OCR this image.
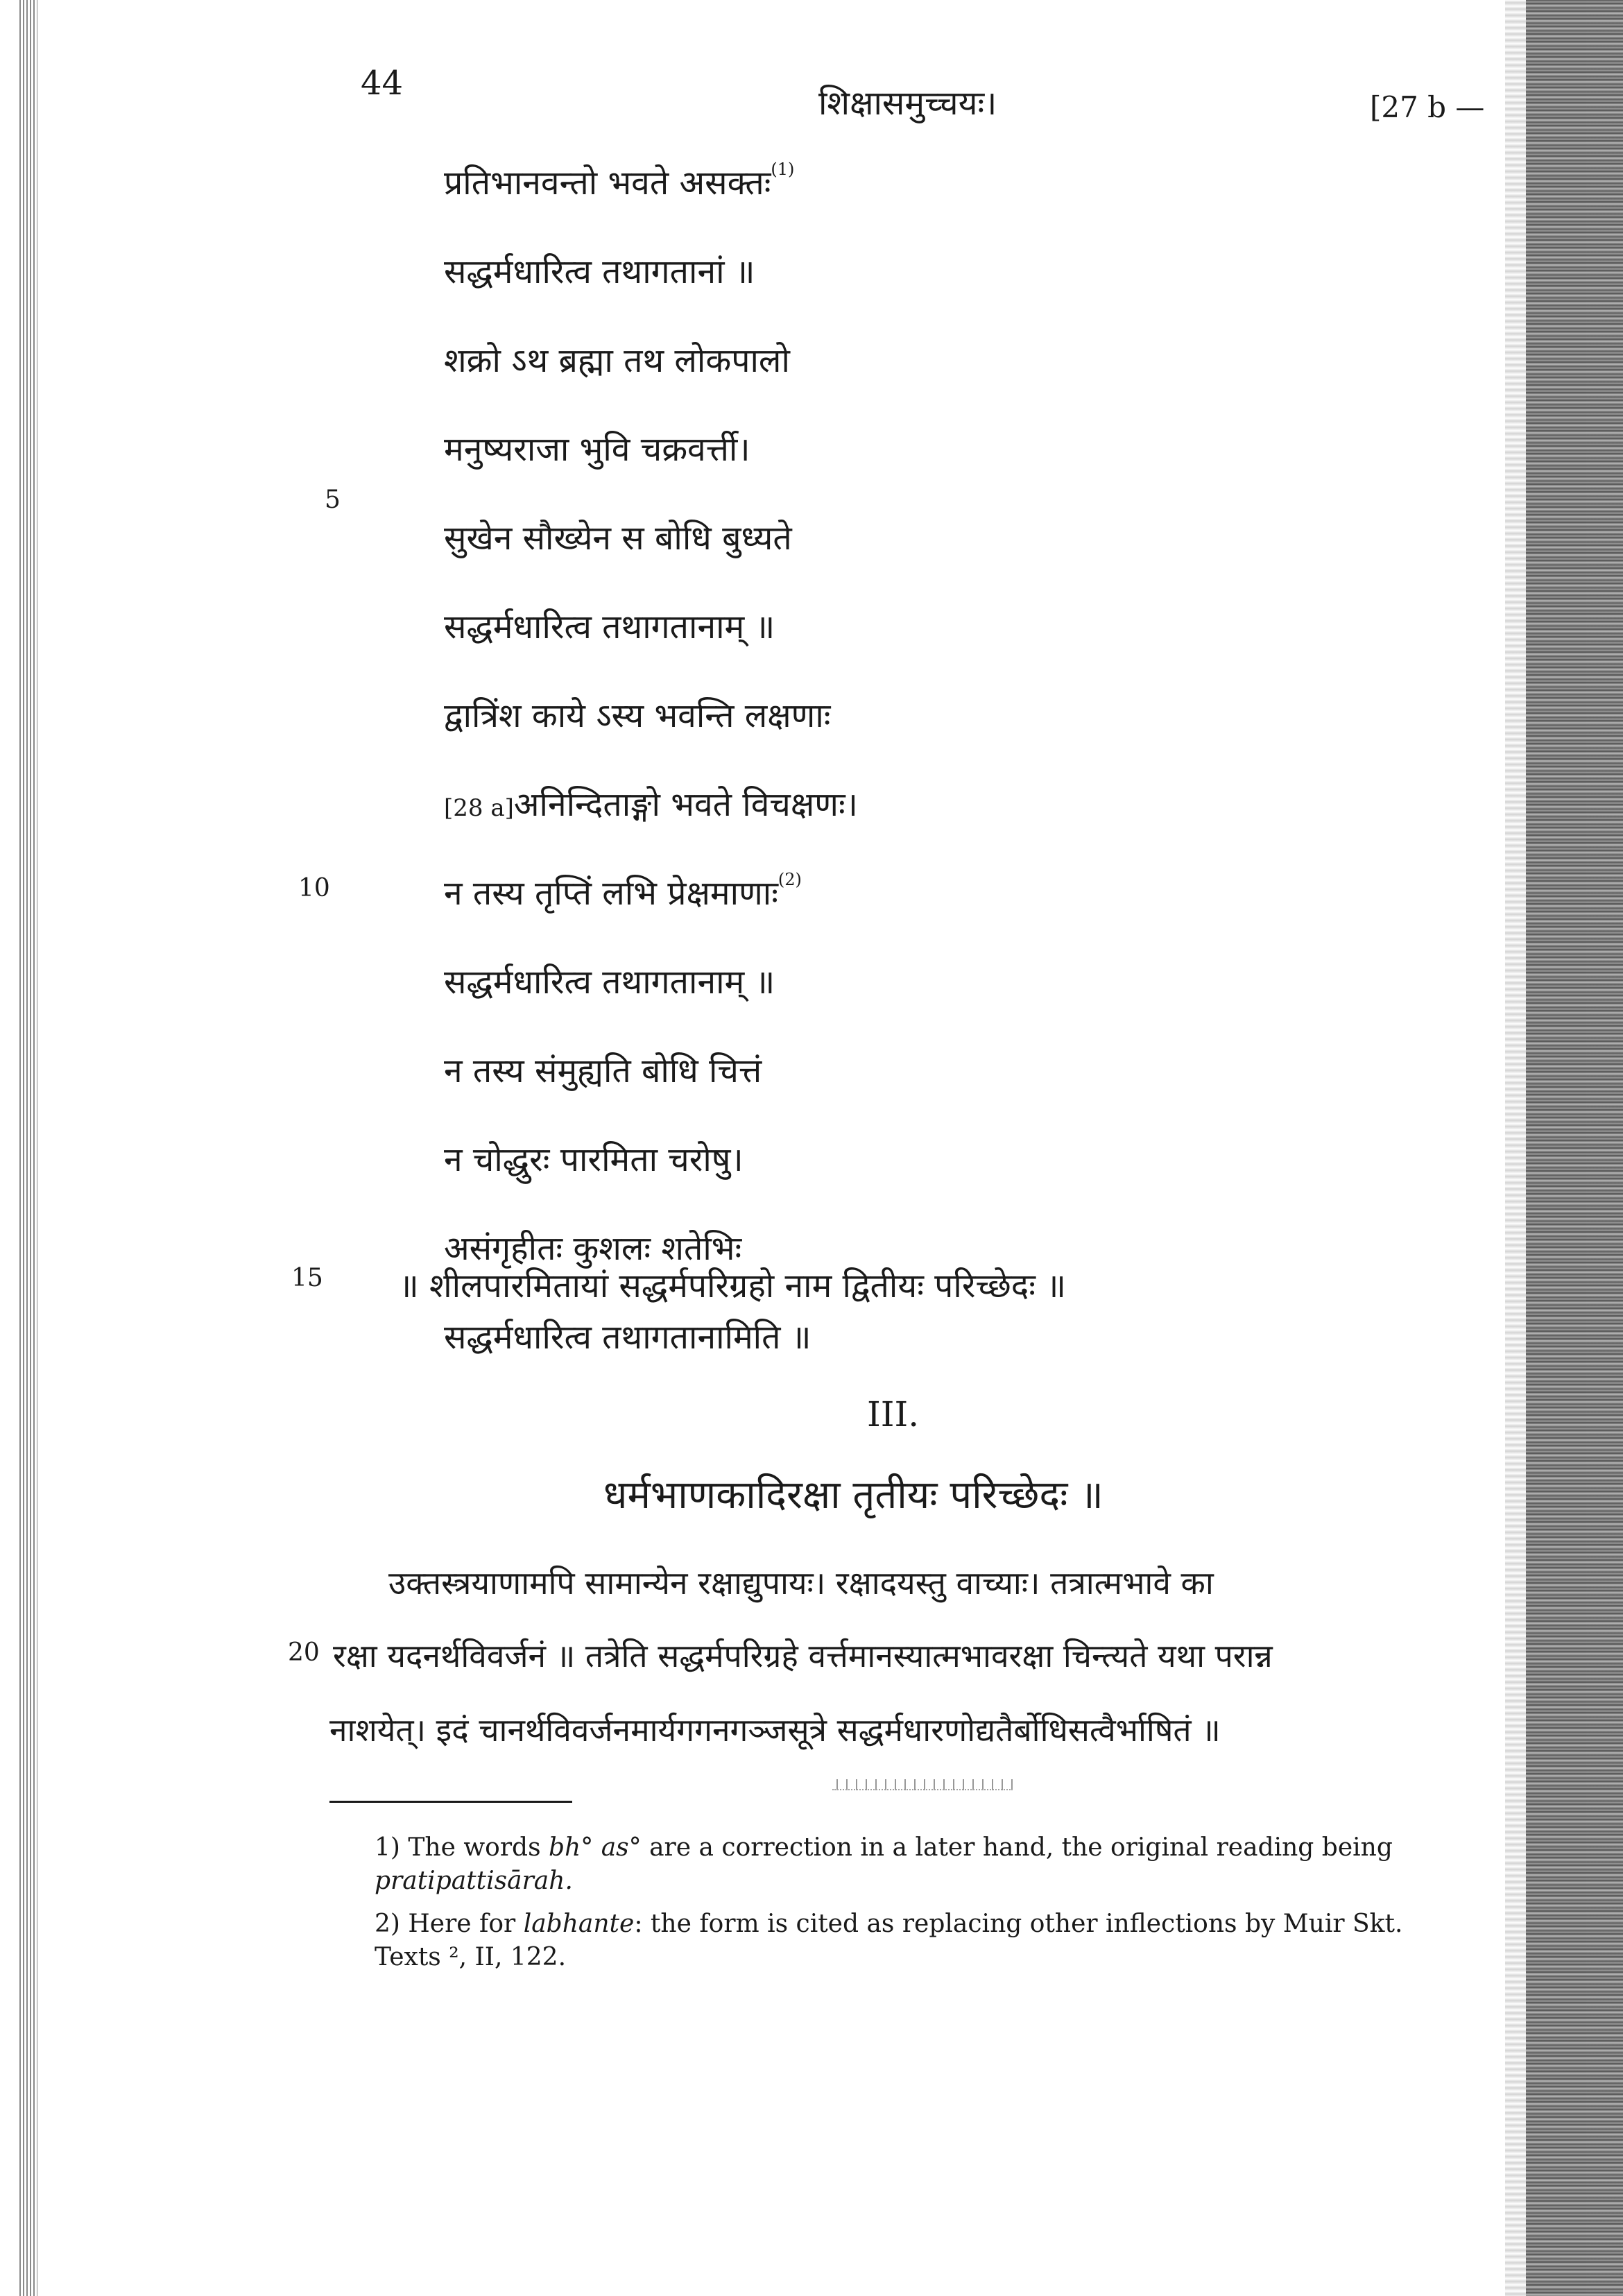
44
शिक्षासमुच्चयः।	[27 b —
प्रतिभानवन्तो भवते असक्तः$^{(1)}$
सद्धर्मधारित्व तथागतानां ॥
शक्रो ऽथ ब्रह्मा तथ लोकपालो
मनुष्यराजा भुवि चक्रवर्त्ती।
सुखेन सौख्येन स बोधि बुध्यते
सद्धर्मधारित्व तथागतानाम् ॥
द्वात्रिंश काये ऽस्य भवन्ति लक्षणाः
[28 a]अनिन्दिताङ्गो भवते विचक्षणः।
न तस्य तृप्तिं लभि प्रेक्षमाणाः$^{(2)}$
सद्धर्मधारित्व तथागतानाम् ॥
न तस्य संमुह्यति बोधि चित्तं
न चोद्धुरः पारमिता चरोषु।
असंगृहीतः कुशलः शतेभिः
सद्धर्मधारित्व तथागतानामिति ॥
5
10
15
20
॥ शीलपारमितायां सद्धर्मपरिग्रहो नाम द्वितीयः परिच्छेदः ॥
III.
धर्मभाणकादिरक्षा तृतीयः परिच्छेदः ॥
उक्तस्त्रयाणामपि सामान्येन रक्षाद्युपायः। रक्षादयस्तु वाच्याः। तत्रात्मभावे का
रक्षा यदनर्थविवर्जनं ॥ तत्रेति सद्धर्मपरिग्रहे वर्त्तमानस्यात्मभावरक्षा चिन्त्यते यथा परान्न
नाशयेत्। इदं चानर्थविवर्जनमार्यगगनगञ्जसूत्रे सद्धर्मधारणोद्यतैर्बोधिसत्वैर्भाषितं ॥
1) The words bh° as° are a correction in a later hand, the original reading being pratipattisārah.
2) Here for labhante: the form is cited as replacing other inflections by Muir Skt. Texts ², II, 122.
